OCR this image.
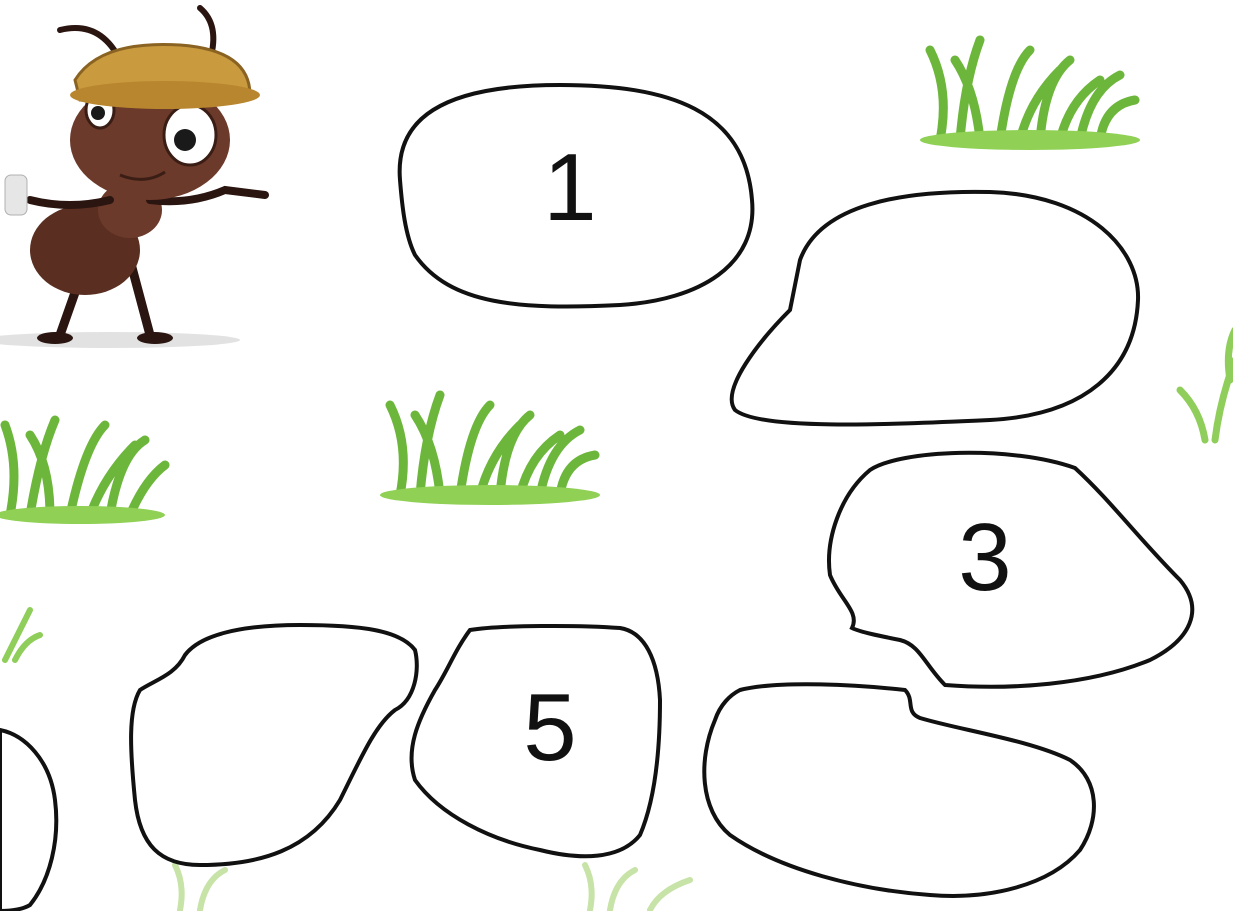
1
3
5
